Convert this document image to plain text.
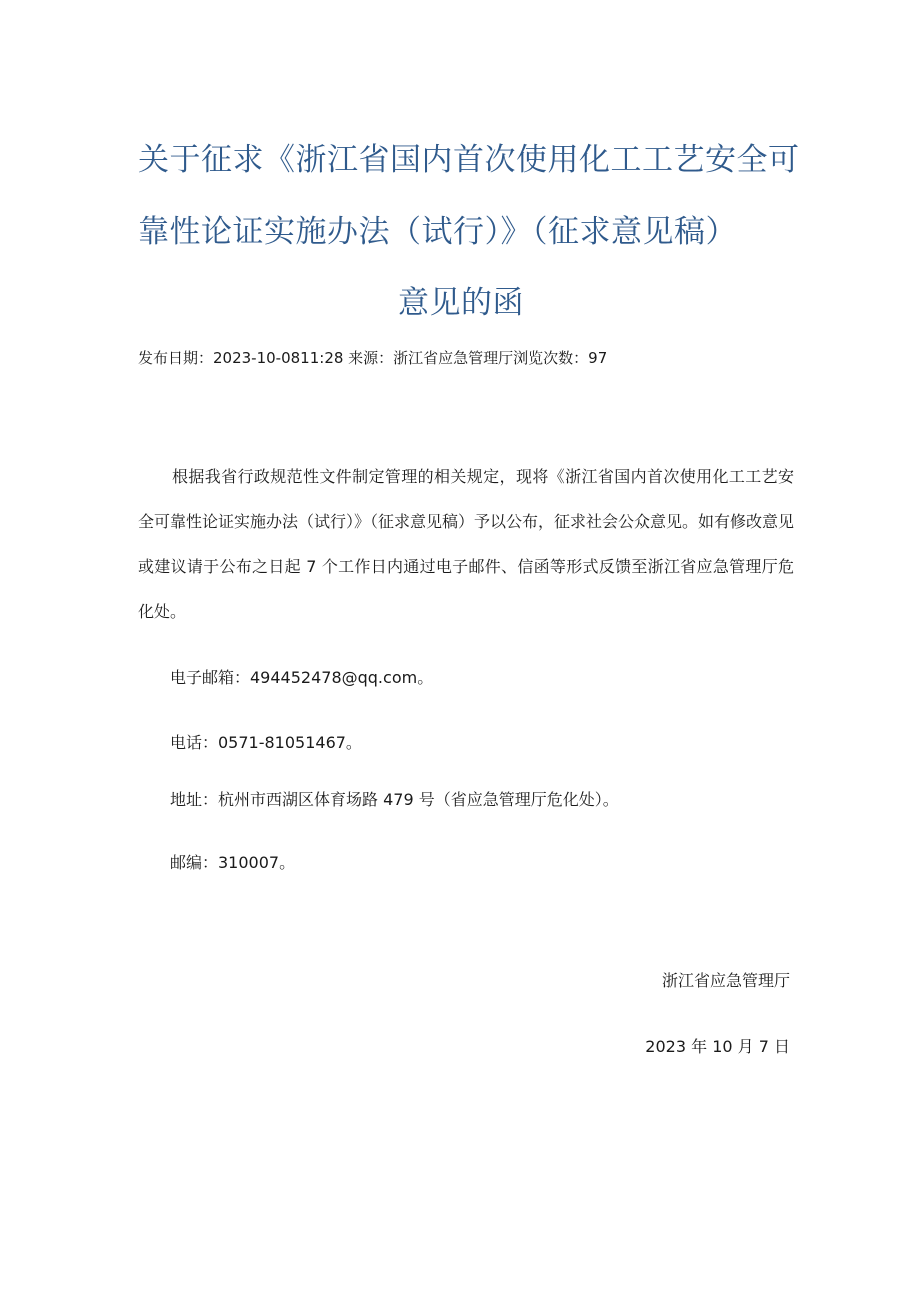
关于征求《浙江省国内首次使用化工工艺安全可
靠性论证实施办法（试行）》（征求意见稿）
意见的函
发布日期：2023-10-0811:28 来源：浙江省应急管理厅浏览次数：97
根据我省行政规范性文件制定管理的相关规定，现将《浙江省国内首次使用化工工艺安全可靠性论证实施办法（试行）》（征求意见稿）予以公布，征求社会公众意见。如有修改意见或建议请于公布之日起 7 个工作日内通过电子邮件、信函等形式反馈至浙江省应急管理厅危化处。
电子邮箱：494452478@qq.com。
电话：0571-81051467。
地址：杭州市西湖区体育场路 479 号（省应急管理厅危化处）。
邮编：310007。
浙江省应急管理厅
2023 年 10 月 7 日
